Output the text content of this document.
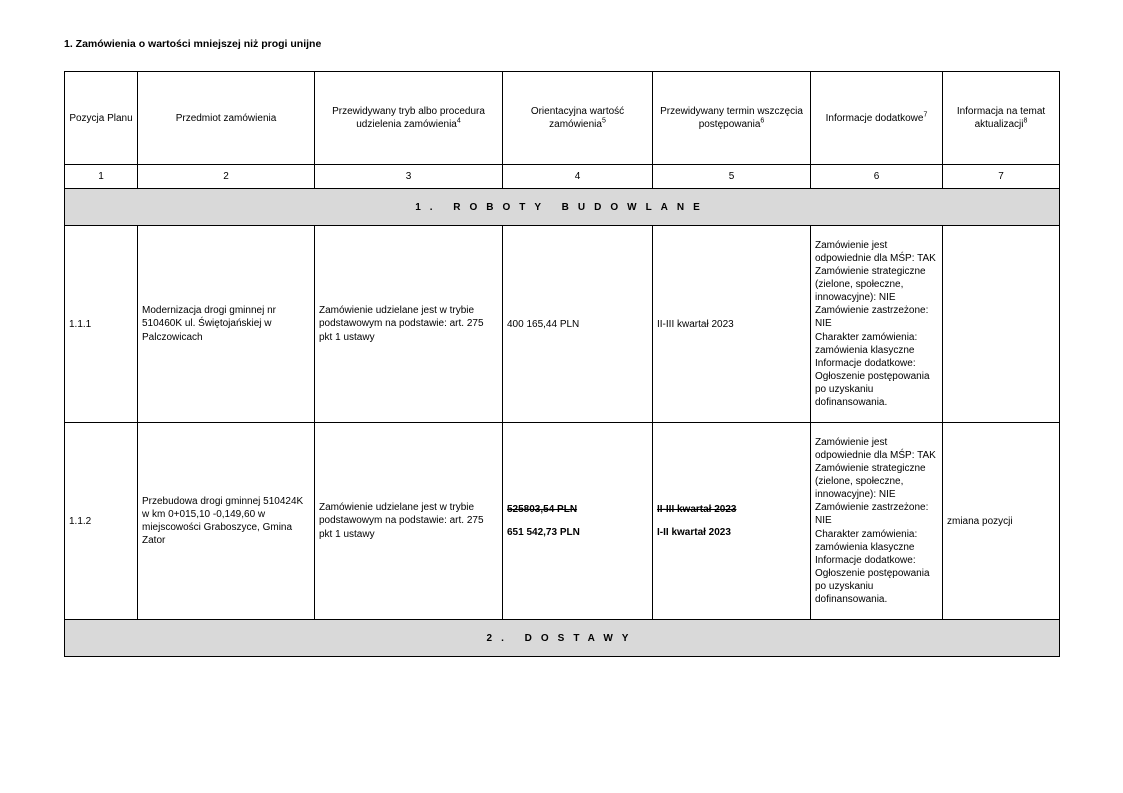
1. Zamówienia o wartości mniejszej niż progi unijne
Pozycja Planu	Przedmiot zamówienia	Przewidywany tryb albo procedura udzielenia zamówienia$^4$	Orientacyjna wartość zamówienia$^5$	Przewidywany termin wszczęcia postępowania$^6$	Informacje dodatkowe$^7$	Informacja na temat aktualizacji$^8$
1	2	3	4	5	6	7
1. ROBOTY BUDOWLANE						
1.1.1	Modernizacja drogi gminnej nr 510460K ul. Świętojańskiej w Palczowicach	Zamówienie udzielane jest w trybie podstawowym na podstawie: art. 275 pkt 1 ustawy	400 165,44 PLN	II-III kwartał 2023	Zamówienie jest odpowiednie dla MŚP: TAK
Zamówienie strategiczne (zielone, społeczne, innowacyjne): NIE
Zamówienie zastrzeżone: NIE
Charakter zamówienia: zamówienia klasyczne
Informacje dodatkowe: Ogłoszenie postępowania po uzyskaniu dofinansowania.	

1.1.2	Przebudowa drogi gminnej 510424K w km 0+015,10 -0,149,60 w miejscowości Graboszyce, Gmina Zator	Zamówienie udzielane jest w trybie podstawowym na podstawie: art. 275 pkt 1 ustawy	525803,54 PLN
651 542,73 PLN	II-III kwartał 2023
I-II kwartał 2023	Zamówienie jest odpowiednie dla MŚP: TAK
Zamówienie strategiczne (zielone, społeczne, innowacyjne): NIE
Zamówienie zastrzeżone: NIE
Charakter zamówienia: zamówienia klasyczne
Informacje dodatkowe: Ogłoszenie postępowania po uzyskaniu dofinansowania.	zmiana pozycji
2. DOSTAWY						
